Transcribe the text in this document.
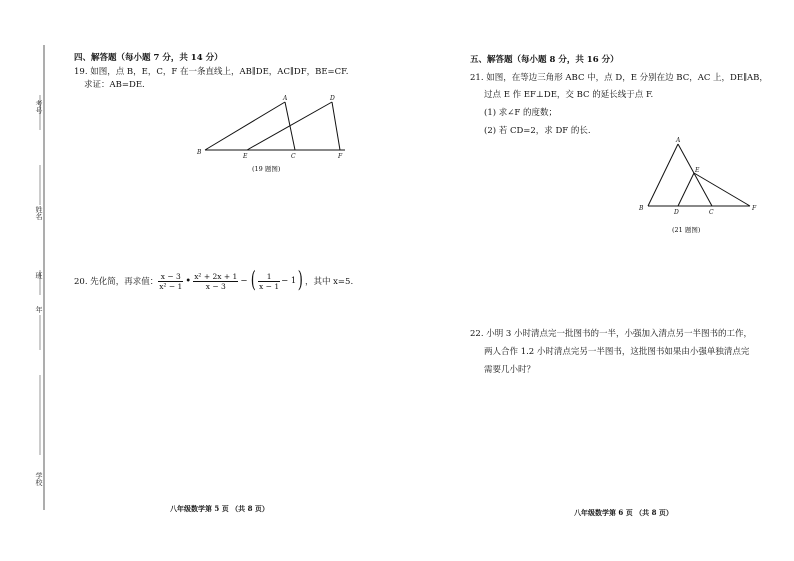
考号
姓名
班
年
学校
四、解答题（每小题 7 分，共 14 分）
19. 如图，点 B，E，C，F 在一条直线上，AB∥DE，AC∥DF，BE=CF.
求证：AB=DE.
B
A	D
E	C	F
(19 题图)
20. 先化简，再求值： $\frac{x - 3}{\text{x² − 1}}$ • $\frac{\text{x² + 2x + 1}}{x - 3}$ − ( $\frac{1}{x - 1} - 1$ ) ，其中 x=5.
八年级数学第 5 页 （共 8 页）
五、解答题（每小题 8 分，共 16 分）
21. 如图，在等边三角形 ABC 中，点 D，E 分别在边 BC，AC 上，DE∥AB，
过点 E 作 EF⊥DE，交 BC 的延长线于点 F.
(1) 求∠F 的度数；
(2) 若 CD=2，求 DF 的长.
A
B
D	C
E
F
(21 题图)
22. 小明 3 小时清点完一批图书的一半，小强加入清点另一半图书的工作，
两人合作 1.2 小时清点完另一半图书，这批图书如果由小强单独清点完
需要几小时？
八年级数学第 6 页 （共 8 页）
